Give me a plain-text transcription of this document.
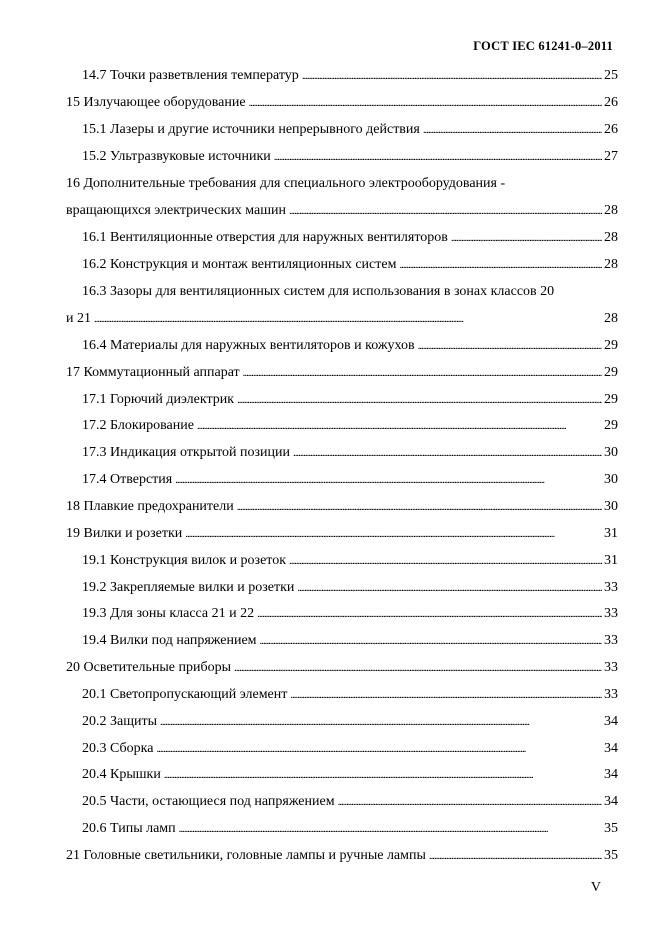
ГОСТ IEC 61241-0–2011
14.7 Точки разветвления температур . . .	25
15 Излучающее оборудование . . .	26
15.1 Лазеры и другие источники непрерывного действия . . .	26
15.2 Ультразвуковые источники . . .	27
16 Дополнительные требования для специального электрооборудования -
вращающихся электрических машин . . .	28
16.1 Вентиляционные отверстия для наружных вентиляторов . . .	28
16.2 Конструкция и монтаж вентиляционных систем . . .	28
16.3 Зазоры для вентиляционных систем для использования в зонах классов 20
и 21 . . .	28
16.4 Материалы для наружных вентиляторов и кожухов . . .	29
17 Коммутационный аппарат . . .	29
17.1 Горючий диэлектрик . . .	29
17.2 Блокирование . . .	29
17.3 Индикация открытой позиции . . .	30
17.4 Отверстия . . .	30
18 Плавкие предохранители . . .	30
19 Вилки и розетки . . .	31
19.1 Конструкция вилок и розеток . . .	31
19.2 Закрепляемые вилки и розетки . . .	33
19.3 Для зоны класса 21 и 22 . . .	33
19.4 Вилки под напряжением . . .	33
20 Осветительные приборы . . .	33
20.1 Светопропускающий элемент . . .	33
20.2 Защиты . . .	34
20.3 Сборка . . .	34
20.4 Крышки . . .	34
20.5 Части, остающиеся под напряжением . . .	34
20.6 Типы ламп . . .	35
21 Головные светильники, головные лампы и ручные лампы . . .	35
V
